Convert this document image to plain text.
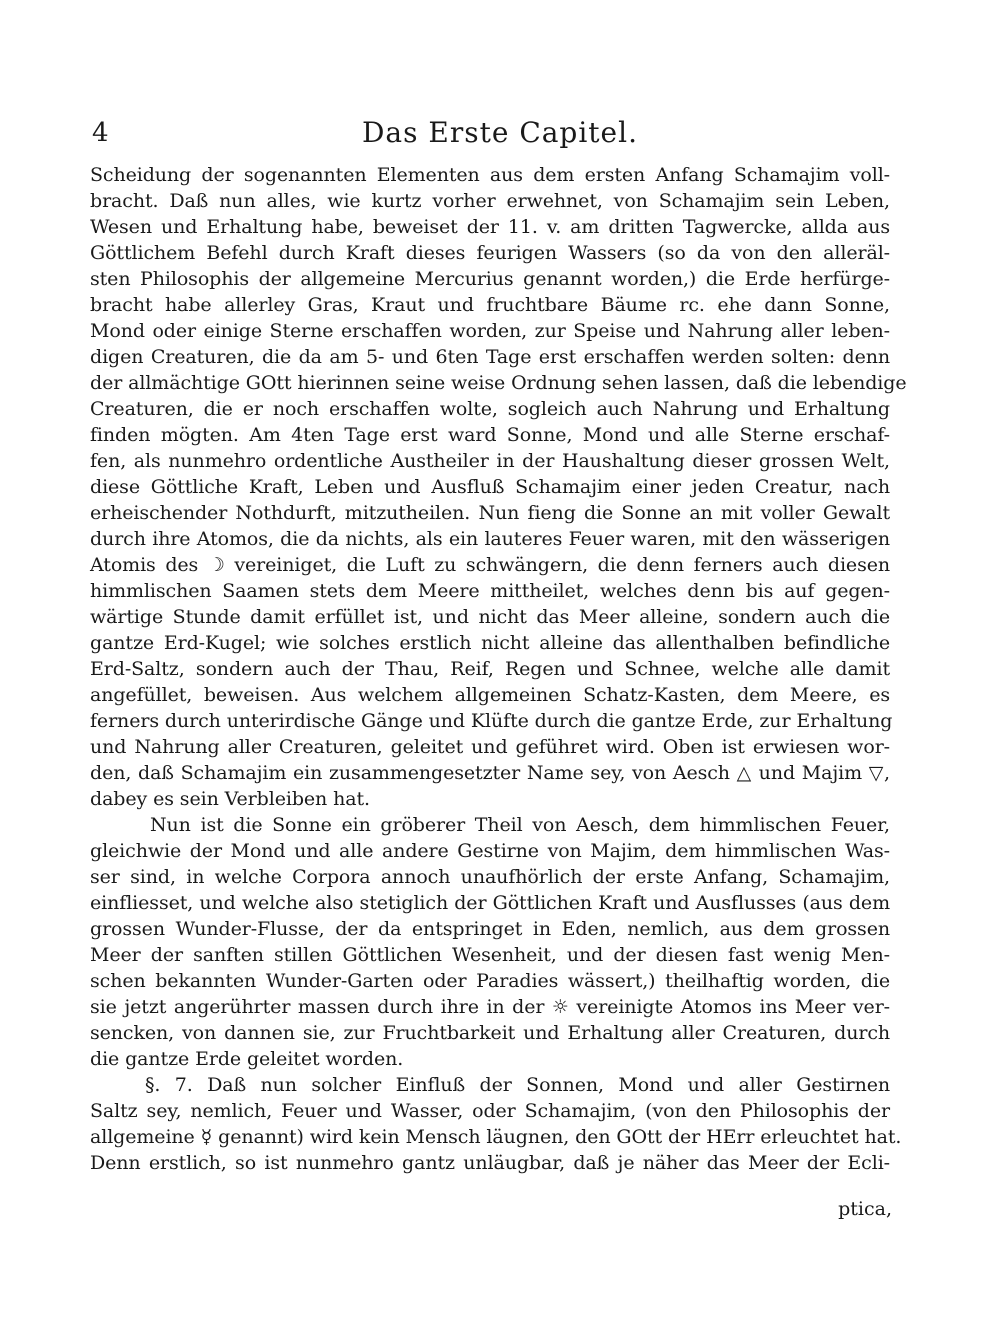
4	Das Erste Capitel.
Scheidung der sogenannten Elementen aus dem ersten Anfang Schamajim voll-
bracht. Daß nun alles, wie kurtz vorher erwehnet, von Schamajim sein Leben,
Wesen und Erhaltung habe, beweiset der 11. v. am dritten Tagwercke, allda aus
Göttlichem Befehl durch Kraft dieses feurigen Wassers (so da von den alleräl-
sten Philosophis der allgemeine Mercurius genannt worden,) die Erde herfürge-
bracht habe allerley Gras, Kraut und fruchtbare Bäume rc. ehe dann Sonne,
Mond oder einige Sterne erschaffen worden, zur Speise und Nahrung aller leben-
digen Creaturen, die da am 5- und 6ten Tage erst erschaffen werden solten: denn
der allmächtige GOtt hierinnen seine weise Ordnung sehen lassen, daß die lebendige
Creaturen, die er noch erschaffen wolte, sogleich auch Nahrung und Erhaltung
finden mögten. Am 4ten Tage erst ward Sonne, Mond und alle Sterne erschaf-
fen, als nunmehro ordentliche Austheiler in der Haushaltung dieser grossen Welt,
diese Göttliche Kraft, Leben und Ausfluß Schamajim einer jeden Creatur, nach
erheischender Nothdurft, mitzutheilen. Nun fieng die Sonne an mit voller Gewalt
durch ihre Atomos, die da nichts, als ein lauteres Feuer waren, mit den wässerigen
Atomis des ☽ vereiniget, die Luft zu schwängern, die denn ferners auch diesen
himmlischen Saamen stets dem Meere mittheilet, welches denn bis auf gegen-
wärtige Stunde damit erfüllet ist, und nicht das Meer alleine, sondern auch die
gantze Erd-Kugel; wie solches erstlich nicht alleine das allenthalben befindliche
Erd-Saltz, sondern auch der Thau, Reif, Regen und Schnee, welche alle damit
angefüllet, beweisen. Aus welchem allgemeinen Schatz-Kasten, dem Meere, es
ferners durch unterirdische Gänge und Klüfte durch die gantze Erde, zur Erhaltung
und Nahrung aller Creaturen, geleitet und geführet wird. Oben ist erwiesen wor-
den, daß Schamajim ein zusammengesetzter Name sey, von Aesch △ und Majim ▽,
dabey es sein Verbleiben hat.
Nun ist die Sonne ein gröberer Theil von Aesch, dem himmlischen Feuer,
gleichwie der Mond und alle andere Gestirne von Majim, dem himmlischen Was-
ser sind, in welche Corpora annoch unaufhörlich der erste Anfang, Schamajim,
einfliesset, und welche also stetiglich der Göttlichen Kraft und Ausflusses (aus dem
grossen Wunder-Flusse, der da entspringet in Eden, nemlich, aus dem grossen
Meer der sanften stillen Göttlichen Wesenheit, und der diesen fast wenig Men-
schen bekannten Wunder-Garten oder Paradies wässert,) theilhaftig worden, die
sie jetzt angerührter massen durch ihre in der ☼ vereinigte Atomos ins Meer ver-
sencken, von dannen sie, zur Fruchtbarkeit und Erhaltung aller Creaturen, durch
die gantze Erde geleitet worden.
§. 7. Daß nun solcher Einfluß der Sonnen, Mond und aller Gestirnen
Saltz sey, nemlich, Feuer und Wasser, oder Schamajim, (von den Philosophis der
allgemeine ☿ genannt) wird kein Mensch läugnen, den GOtt der HErr erleuchtet hat.
Denn erstlich, so ist nunmehro gantz unläugbar, daß je näher das Meer der Ecli-
ptica,
